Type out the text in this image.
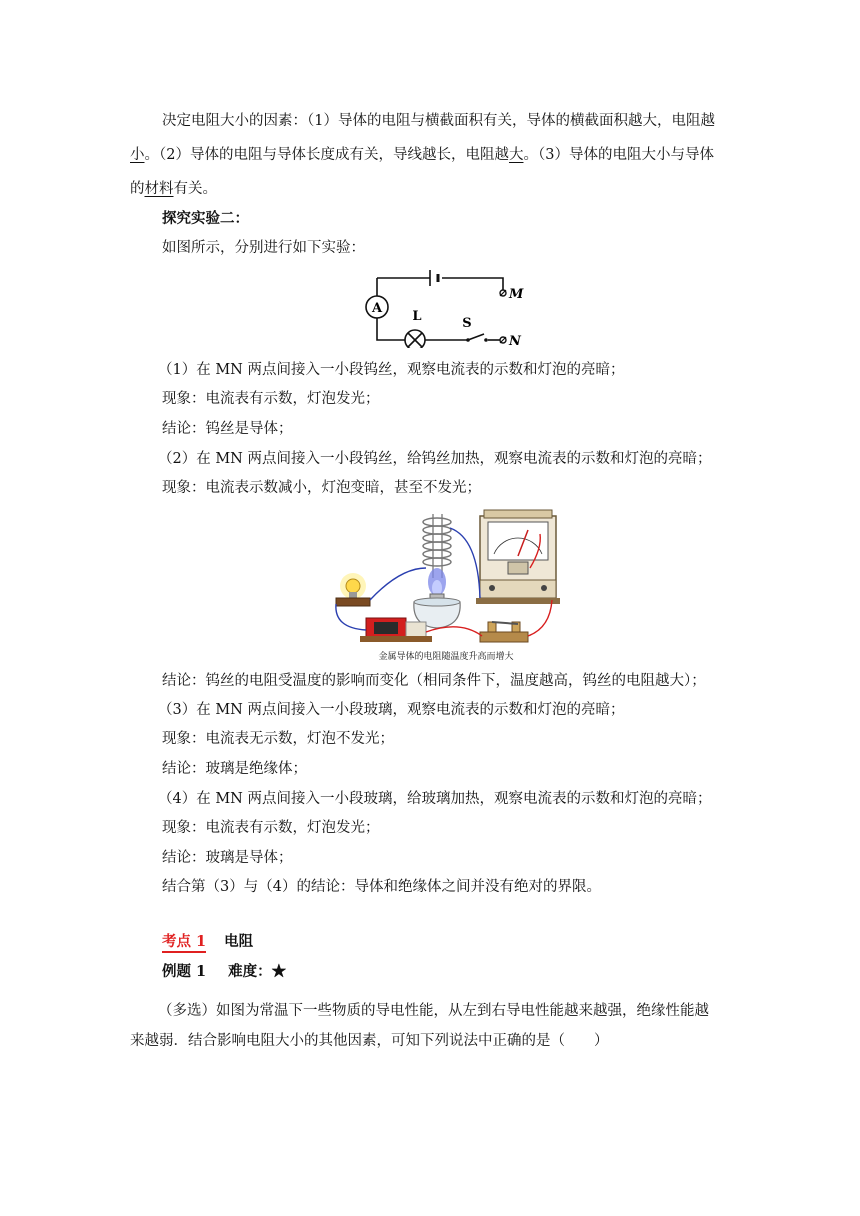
决定电阻大小的因素：（1）导体的电阻与横截面积有关，导体的横截面积越大，电阻越
小。（2）导体的电阻与导体长度成有关，导线越长，电阻越大。（3）导体的电阻大小与导体
的材料有关。
探究实验二：
如图所示，分别进行如下实验：
A
L	S
M
N
（1）在 MN 两点间接入一小段钨丝，观察电流表的示数和灯泡的亮暗；
现象：电流表有示数，灯泡发光；
结论：钨丝是导体；
（2）在 MN 两点间接入一小段钨丝，给钨丝加热，观察电流表的示数和灯泡的亮暗；
现象：电流表示数减小，灯泡变暗，甚至不发光；
金属导体的电阻随温度升高而增大
结论：钨丝的电阻受温度的影响而变化（相同条件下，温度越高，钨丝的电阻越大）；
（3）在 MN 两点间接入一小段玻璃，观察电流表的示数和灯泡的亮暗；
现象：电流表无示数，灯泡不发光；
结论：玻璃是绝缘体；
（4）在 MN 两点间接入一小段玻璃，给玻璃加热，观察电流表的示数和灯泡的亮暗；
现象：电流表有示数，灯泡发光；
结论：玻璃是导体；
结合第（3）与（4）的结论：导体和绝缘体之间并没有绝对的界限。
考点 1 电阻
例题 1 难度：★
（多选）如图为常温下一些物质的导电性能，从左到右导电性能越来越强，绝缘性能越
来越弱．结合影响电阻大小的其他因素，可知下列说法中正确的是（　　）
